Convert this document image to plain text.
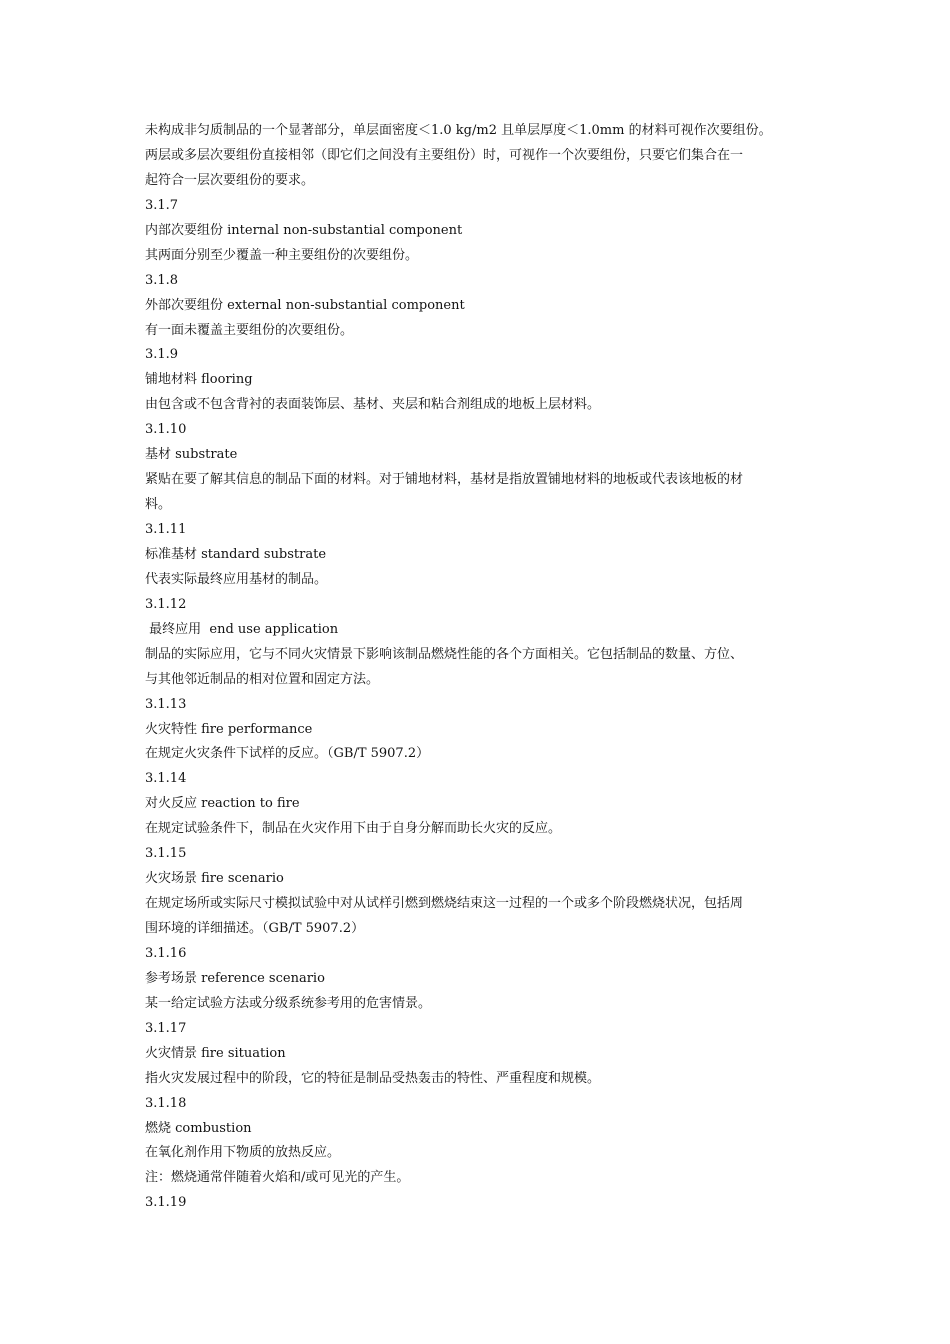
未构成非匀质制品的一个显著部分，单层面密度＜1.0 kg/m2 且单层厚度＜1.0mm 的材料可视作次要组份。
两层或多层次要组份直接相邻（即它们之间没有主要组份）时，可视作一个次要组份，只要它们集合在一
起符合一层次要组份的要求。
3.1.7
内部次要组份 internal non-substantial component
其两面分别至少覆盖一种主要组份的次要组份。
3.1.8
外部次要组份 external non-substantial component
有一面未覆盖主要组份的次要组份。
3.1.9
铺地材料 flooring
由包含或不包含背衬的表面装饰层、基材、夹层和粘合剂组成的地板上层材料。
3.1.10
基材 substrate
紧贴在要了解其信息的制品下面的材料。对于铺地材料，基材是指放置铺地材料的地板或代表该地板的材
料。
3.1.11
标准基材 standard substrate
代表实际最终应用基材的制品。
3.1.12
最终应用  end use application
制品的实际应用，它与不同火灾情景下影响该制品燃烧性能的各个方面相关。它包括制品的数量、方位、
与其他邻近制品的相对位置和固定方法。
3.1.13
火灾特性 fire performance
在规定火灾条件下试样的反应。（GB/T 5907.2）
3.1.14
对火反应 reaction to fire
在规定试验条件下，制品在火灾作用下由于自身分解而助长火灾的反应。
3.1.15
火灾场景 fire scenario
在规定场所或实际尺寸模拟试验中对从试样引燃到燃烧结束这一过程的一个或多个阶段燃烧状况，包括周
围环境的详细描述。（GB/T 5907.2）
3.1.16
参考场景 reference scenario
某一给定试验方法或分级系统参考用的危害情景。
3.1.17
火灾情景 fire situation
指火灾发展过程中的阶段，它的特征是制品受热轰击的特性、严重程度和规模。
3.1.18
燃烧 combustion
在氧化剂作用下物质的放热反应。
注：燃烧通常伴随着火焰和/或可见光的产生。
3.1.19
